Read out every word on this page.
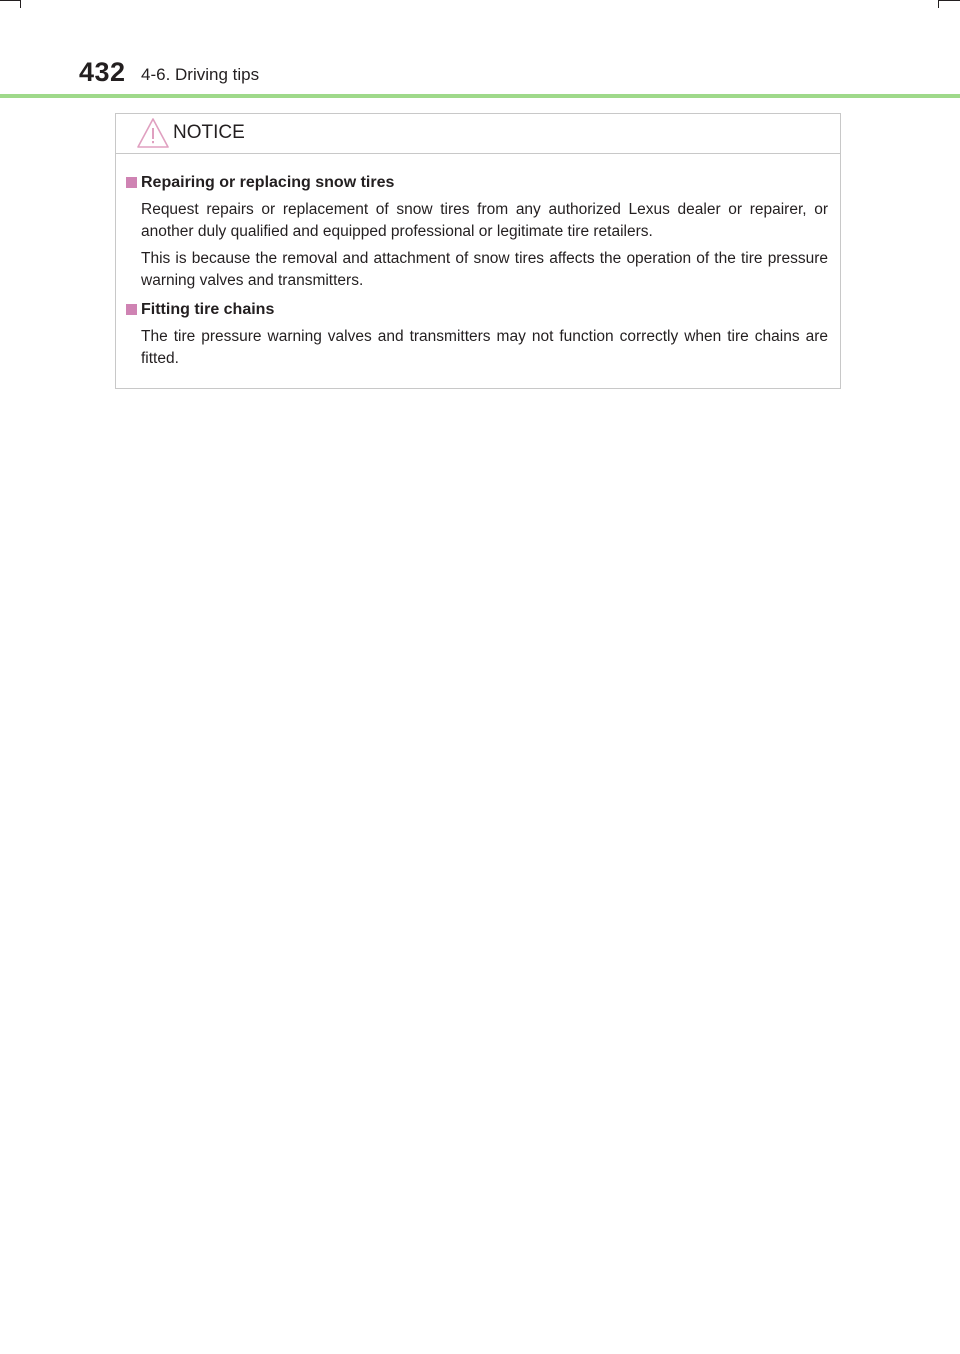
432 4-6. Driving tips
NOTICE
Repairing or replacing snow tires
Request repairs or replacement of snow tires from any authorized Lexus dealer or repairer, or another duly qualified and equipped professional or legitimate tire retailers.
This is because the removal and attachment of snow tires affects the operation of the tire pressure warning valves and transmitters.
Fitting tire chains
The tire pressure warning valves and transmitters may not function correctly when tire chains are fitted.
